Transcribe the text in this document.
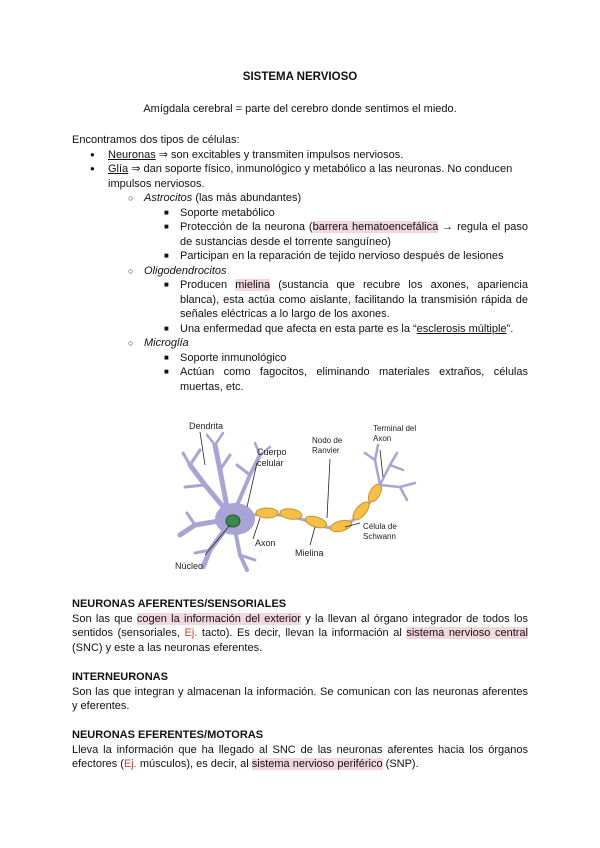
SISTEMA NERVIOSO
Amígdala cerebral = parte del cerebro donde sentimos el miedo.
Encontramos dos tipos de células:
● Neuronas ⇒ son excitables y transmiten impulsos nerviosos.
● Glía ⇒ dan soporte físico, inmunológico y metabólico a las neuronas. No conducen impulsos nerviosos.
○ Astrocitos (las más abundantes)
■ Soporte metabólico
■ Protección de la neurona (barrera hematoencefálica → regula el paso de sustancias desde el torrente sanguíneo)
■ Participan en la reparación de tejido nervioso después de lesiones
○ Oligodendrocitos
■ Producen mielina (sustancia que recubre los axones, apariencia blanca), esta actúa como aislante, facilitando la transmisión rápida de señales eléctricas a lo largo de los axones.
■ Una enfermedad que afecta en esta parte es la “esclerosis múltiple”.
○ Microglía
■ Soporte inmunológico
■ Actúan como fagocitos, eliminando materiales extraños, células muertas, etc.
Dendrita
Cuerpo
celular
Nodo de
Ranvier
Terminal del
Axon
Axon
Célula de
Schwann
Mielina
Núcleo
NEURONAS AFERENTES/SENSORIALES

Son las que cogen la información del exterior y la llevan al órgano integrador de todos los sentidos (sensoriales, Ej. tacto). Es decir, llevan la información al sistema nervioso central (SNC) y este a las neuronas eferentes.

INTERNEURONAS

Son las que integran y almacenan la información. Se comunican con las neuronas aferentes y eferentes.

NEURONAS EFERENTES/MOTORAS

Lleva la información que ha llegado al SNC de las neuronas aferentes hacia los órganos efectores (Ej. músculos), es decir, al sistema nervioso periférico (SNP).
